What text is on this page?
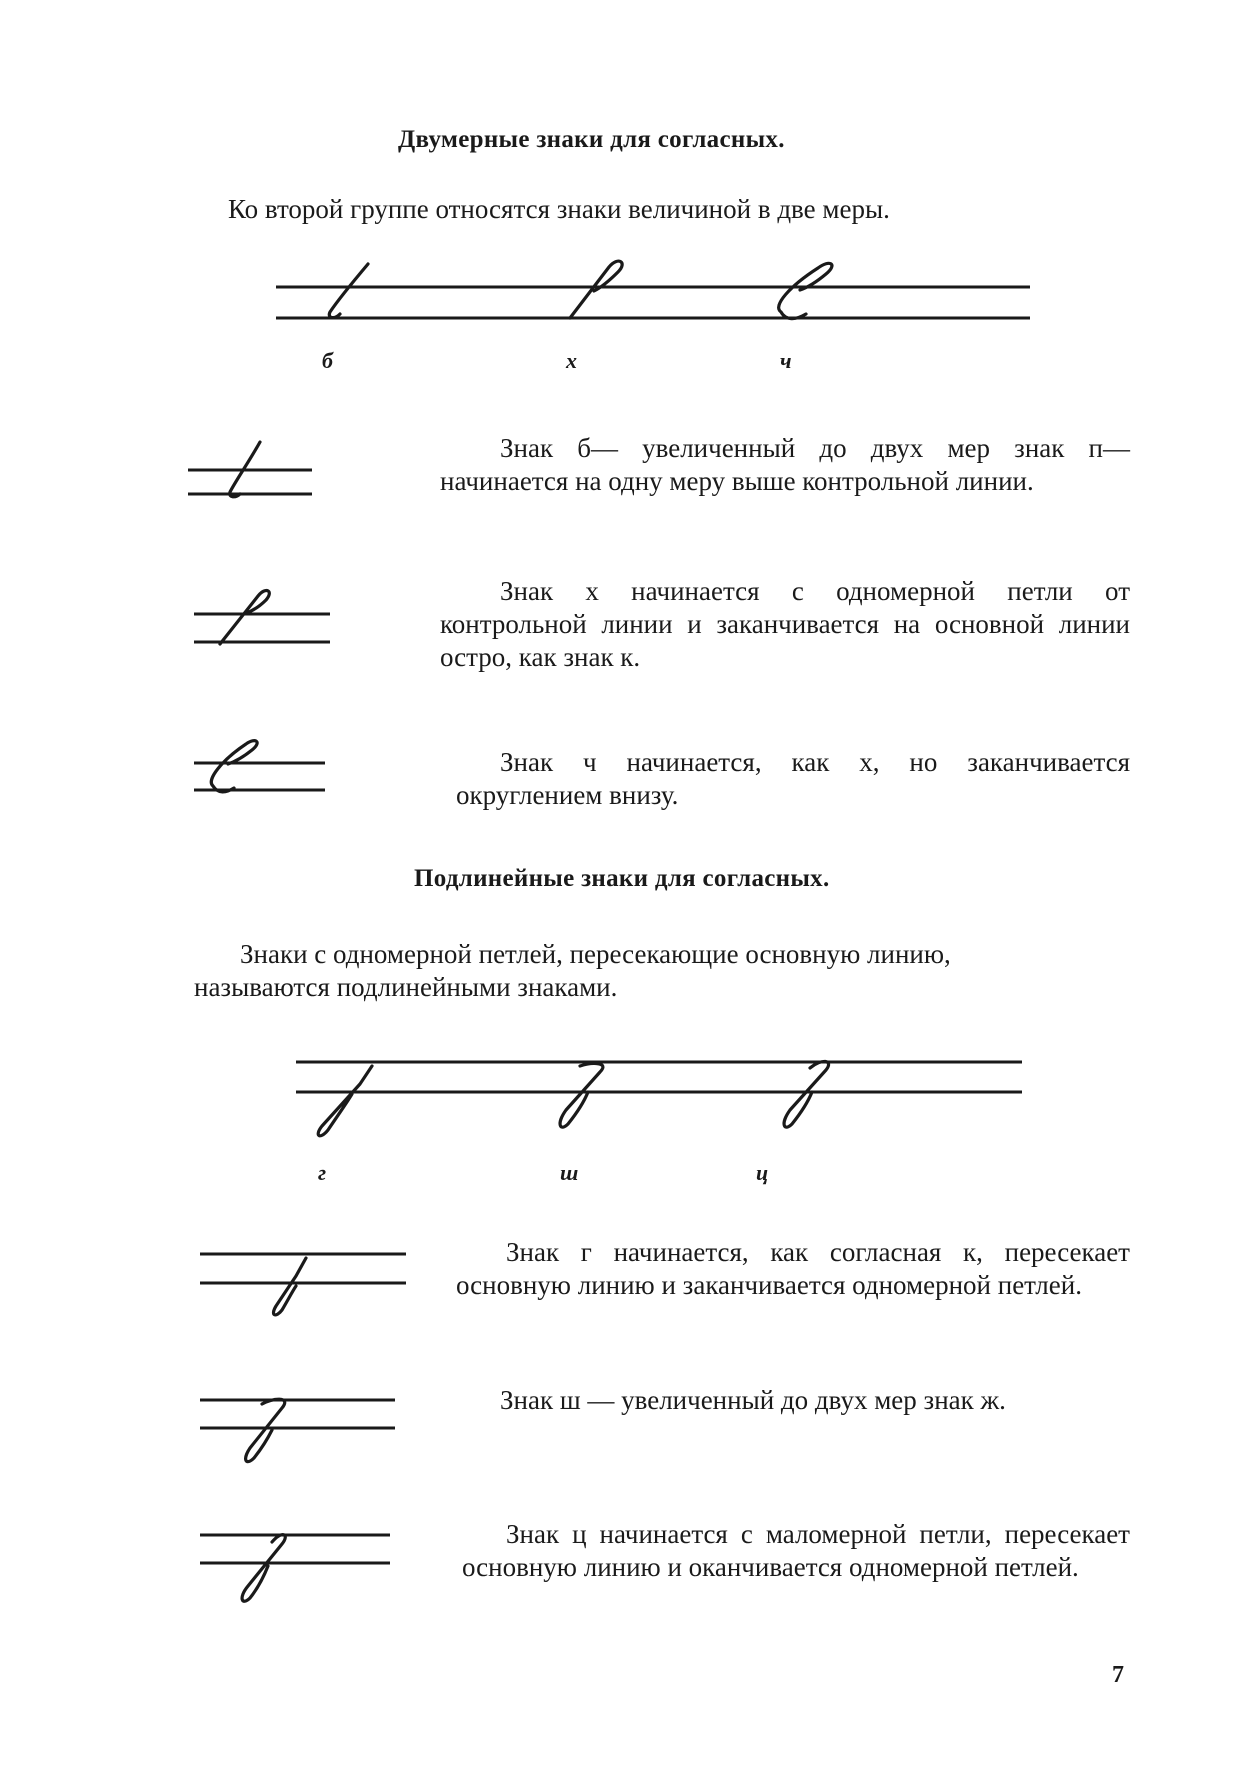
Двумерные знаки для согласных.
Ко второй группе относятся знаки величиной в две меры.
б	х	ч
Знак б— увеличенный до двух мер знак п— начинается на одну меру выше контрольной линии.
Знак х начинается с одномерной петли от контрольной линии и заканчивается на основной линии остро, как знак к.
Знак ч начинается, как х, но заканчивается округлением внизу.
Подлинейные знаки для согласных.
Знаки с одномерной петлей, пересекающие основную линию,
называются подлинейными знаками.
г	ш	ц
Знак г начинается, как согласная к, пересекает основную линию и заканчивается одномерной петлей.
Знак ш — увеличенный до двух мер знак ж.
Знак ц начинается с маломерной петли, пересекает основную линию и оканчивается одномерной петлей.
7
